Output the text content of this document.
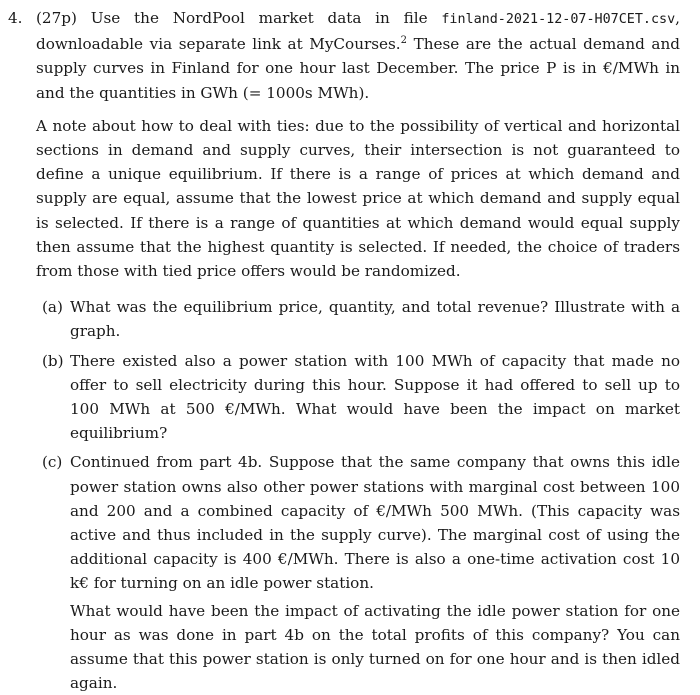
4. (27p) Use the NordPool market data in file finland-2021-12-07-H07CET.csv, downloadable via separate link at MyCourses.$^2$ These are the actual demand and supply curves in Finland for one hour last December. The price P is in €/MWh in and the quantities in GWh (= 1000s MWh).

A note about how to deal with ties: due to the possibility of vertical and horizontal sections in demand and supply curves, their intersection is not guaranteed to define a unique equilibrium. If there is a range of prices at which demand and supply are equal, assume that the lowest price at which demand and supply equal is selected. If there is a range of quantities at which demand would equal supply then assume that the highest quantity is selected. If needed, the choice of traders from those with tied price offers would be randomized.

(a) What was the equilibrium price, quantity, and total revenue? Illustrate with a graph.
(b) There existed also a power station with 100 MWh of capacity that made no offer to sell electricity during this hour. Suppose it had offered to sell up to 100 MWh at 500 €/MWh. What would have been the impact on market equilibrium?
(c) Continued from part 4b. Suppose that the same company that owns this idle power station owns also other power stations with marginal cost between 100 and 200 and a combined capacity of €/MWh 500 MWh. (This capacity was active and thus included in the supply curve). The marginal cost of using the additional capacity is 400 €/MWh. There is also a one-time activation cost 10 k€ for turning on an idle power station.
What would have been the impact of activating the idle power station for one hour as was done in part 4b on the total profits of this company? You can assume that this power station is only turned on for one hour and is then idled again.
